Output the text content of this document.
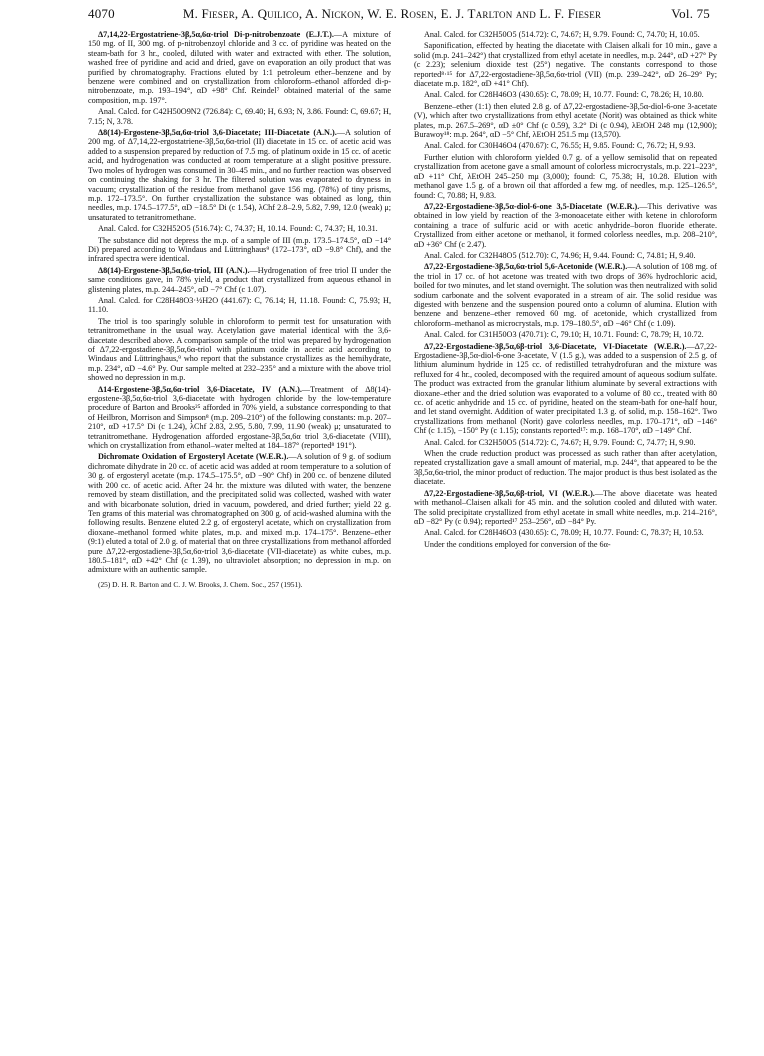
4070	M. Fieser, A. Quilico, A. Nickon, W. E. Rosen, E. J. Tarlton and L. F. Fieser	Vol. 75

Δ7,14,22-Ergostatriene-3β,5α,6α-triol Di-p-nitrobenzoate (E.J.T.).—A mixture of 150 mg. of II, 300 mg. of p-nitrobenzoyl chloride and 3 cc. of pyridine was heated on the steam-bath for 3 hr., cooled, diluted with water and extracted with ether. The solution, washed free of pyridine and acid and dried, gave on evaporation an oily product that was purified by chromatography. Fractions eluted by 1:1 petroleum ether–benzene and by benzene were combined and on crystallization from chloroform–ethanol afforded di-p-nitrobenzoate, m.p. 193–194°, αD +98° Chf. Reindel⁷ obtained material of the same composition, m.p. 197°.

Anal. Calcd. for C42H50O9N2 (726.84): C, 69.40; H, 6.93; N, 3.86. Found: C, 69.67; H, 7.15; N, 3.78.

Δ8(14)-Ergostene-3β,5α,6α-triol 3,6-Diacetate; III-Diacetate (A.N.).—A solution of 200 mg. of Δ7,14,22-ergostatriene-3β,5α,6α-triol (II) diacetate in 15 cc. of acetic acid was added to a suspension prepared by reduction of 7.5 mg. of platinum oxide in 15 cc. of acetic acid, and hydrogenation was conducted at room temperature at a slight positive pressure. Two moles of hydrogen was consumed in 30–45 min., and no further reaction was observed on continuing the shaking for 3 hr. The filtered solution was evaporated to dryness in vacuum; crystallization of the residue from methanol gave 156 mg. (78%) of tiny prisms, m.p. 172–173.5°. On further crystallization the substance was obtained as long, thin needles, m.p. 174.5–177.5°, αD −18.5° Di (c 1.54), λChf 2.8–2.9, 5.82, 7.99, 12.0 (weak) μ; unsaturated to tetranitromethane.

Anal. Calcd. for C32H52O5 (516.74): C, 74.37; H, 10.14. Found: C, 74.37; H, 10.31.

The substance did not depress the m.p. of a sample of III (m.p. 173.5–174.5°, αD −14° Di) prepared according to Windaus and Lüttringhaus⁹ (172–173°, αD −9.8° Chf), and the infrared spectra were identical.

Δ8(14)-Ergostene-3β,5α,6α-triol, III (A.N.).—Hydrogenation of free triol II under the same conditions gave, in 78% yield, a product that crystallized from aqueous ethanol in glistening plates, m.p. 244–245°, αD −7° Chf (c 1.07).

Anal. Calcd. for C28H48O3·½H2O (441.67): C, 76.14; H, 11.18. Found: C, 75.93; H, 11.10.

The triol is too sparingly soluble in chloroform to permit test for unsaturation with tetranitromethane in the usual way. Acetylation gave material identical with the 3,6-diacetate described above. A comparison sample of the triol was prepared by hydrogenation of Δ7,22-ergostadiene-3β,5α,6α-triol with platinum oxide in acetic acid according to Windaus and Lüttringhaus,⁹ who report that the substance crystallizes as the hemihydrate, m.p. 234°, αD −4.6° Py. Our sample melted at 232–235° and a mixture with the above triol showed no depression in m.p.

Δ14-Ergostene-3β,5α,6α-triol 3,6-Diacetate, IV (A.N.).—Treatment of Δ8(14)-ergostene-3β,5α,6α-triol 3,6-diacetate with hydrogen chloride by the low-temperature procedure of Barton and Brooks²⁵ afforded in 70% yield, a substance corresponding to that of Heilbron, Morrison and Simpson⁸ (m.p. 209–210°) of the following constants: m.p. 207–210°, αD +17.5° Di (c 1.24), λChf 2.83, 2.95, 5.80, 7.99, 11.90 (weak) μ; unsaturated to tetranitromethane. Hydrogenation afforded ergostane-3β,5α,6α triol 3,6-diacetate (VIII), which on crystallization from ethanol–water melted at 184–187° (reported⁸ 191°).

Dichromate Oxidation of Ergosteryl Acetate (W.E.R.).—A solution of 9 g. of sodium dichromate dihydrate in 20 cc. of acetic acid was added at room temperature to a solution of 30 g. of ergosteryl acetate (m.p. 174.5–175.5°, αD −90° Chf) in 200 cc. of benzene diluted with 200 cc. of acetic acid. After 24 hr. the mixture was diluted with water, the benzene removed by steam distillation, and the precipitated solid was collected, washed with water and with bicarbonate solution, dried in vacuum, powdered, and dried further; yield 22 g. Ten grams of this material was chromatographed on 300 g. of acid-washed alumina with the following results. Benzene eluted 2.2 g. of ergosteryl acetate, which on crystallization from dioxane–methanol formed white plates, m.p. and mixed m.p. 174–175°. Benzene–ether (9:1) eluted a total of 2.0 g. of material that on three crystallizations from methanol afforded pure Δ7,22-ergostadiene-3β,5α,6α-triol 3,6-diacetate (VII-diacetate) as white cubes, m.p. 180.5–181°, αD +42° Chf (c 1.39), no ultraviolet absorption; no depression in m.p. on admixture with an authentic sample.

(25) D. H. R. Barton and C. J. W. Brooks, J. Chem. Soc., 257 (1951).

Anal. Calcd. for C32H50O5 (514.72): C, 74.67; H, 9.79. Found: C, 74.70; H, 10.05.

Saponification, effected by heating the diacetate with Claisen alkali for 10 min., gave a solid (m.p. 241–242°) that crystallized from ethyl acetate in needles, m.p. 244°, αD +27° Py (c 2.23); selenium dioxide test (25°) negative. The constants correspond to those reported⁸·¹⁵ for Δ7,22-ergostadiene-3β,5α,6α-triol (VII) (m.p. 239–242°, αD 26–29° Py; diacetate m.p. 182°, αD +41° Chf).

Anal. Calcd. for C28H46O3 (430.65): C, 78.09; H, 10.77. Found: C, 78.26; H, 10.80.

Benzene–ether (1:1) then eluted 2.8 g. of Δ7,22-ergostadiene-3β,5α-diol-6-one 3-acetate (V), which after two crystallizations from ethyl acetate (Norit) was obtained as thick white plates, m.p. 267.5–269°, αD ±0° Chf (c 0.59), 3.2° Di (c 0.94), λEtOH 248 mμ (12,900); Burawoy¹⁸: m.p. 264°, αD −5° Chf, λEtOH 251.5 mμ (13,570).

Anal. Calcd. for C30H46O4 (470.67): C, 76.55; H, 9.85. Found: C, 76.72; H, 9.93.

Further elution with chloroform yielded 0.7 g. of a yellow semisolid that on repeated crystallization from acetone gave a small amount of colorless microcrystals, m.p. 221–223°, αD +11° Chf, λEtOH 245–250 mμ (3,000); found: C, 75.38; H, 10.28. Elution with methanol gave 1.5 g. of a brown oil that afforded a few mg. of needles, m.p. 125–126.5°, found: C, 70.88; H, 9.83.

Δ7,22-Ergostadiene-3β,5α-diol-6-one 3,5-Diacetate (W.E.R.).—This derivative was obtained in low yield by reaction of the 3-monoacetate either with ketene in chloroform containing a trace of sulfuric acid or with acetic anhydride–boron fluoride etherate. Crystallized from either acetone or methanol, it formed colorless needles, m.p. 208–210°, αD +36° Chf (c 2.47).

Anal. Calcd. for C32H48O5 (512.70): C, 74.96; H, 9.44. Found: C, 74.81; H, 9.40.

Δ7,22-Ergostadiene-3β,5α,6α-triol 5,6-Acetonide (W.E.R.).—A solution of 108 mg. of the triol in 17 cc. of hot acetone was treated with two drops of 36% hydrochloric acid, boiled for two minutes, and let stand overnight. The solution was then neutralized with solid sodium carbonate and the solvent evaporated in a stream of air. The solid residue was digested with benzene and the suspension poured onto a column of alumina. Elution with benzene and benzene–ether removed 60 mg. of acetonide, which crystallized from chloroform–methanol as microcrystals, m.p. 179–180.5°, αD −46° Chf (c 1.09).

Anal. Calcd. for C31H50O3 (470.71): C, 79.10; H, 10.71. Found: C, 78.79; H, 10.72.

Δ7,22-Ergostadiene-3β,5α,6β-triol 3,6-Diacetate, VI-Diacetate (W.E.R.).—Δ7,22-Ergostadiene-3β,5α-diol-6-one 3-acetate, V (1.5 g.), was added to a suspension of 2.5 g. of lithium aluminum hydride in 125 cc. of redistilled tetrahydrofuran and the mixture was refluxed for 4 hr., cooled, decomposed with the required amount of aqueous sodium sulfate. The product was extracted from the granular lithium aluminate by several extractions with dioxane–ether and the dried solution was evaporated to a volume of 80 cc., treated with 80 cc. of acetic anhydride and 15 cc. of pyridine, heated on the steam-bath for one-half hour, and let stand overnight. Addition of water precipitated 1.3 g. of solid, m.p. 158–162°. Two crystallizations from methanol (Norit) gave colorless needles, m.p. 170–171°, αD −146° Chf (c 1.15), −150° Py (c 1.15); constants reported¹⁷: m.p. 168–170°, αD −149° Chf.

Anal. Calcd. for C32H50O5 (514.72): C, 74.67; H, 9.79. Found: C, 74.77; H, 9.90.

When the crude reduction product was processed as such rather than after acetylation, repeated crystallization gave a small amount of material, m.p. 244°, that appeared to be the 3β,5α,6α-triol, the minor product of reduction. The major product is thus best isolated as the diacetate.

Δ7,22-Ergostadiene-3β,5α,6β-triol, VI (W.E.R.).—The above diacetate was heated with methanol–Claisen alkali for 45 min. and the solution cooled and diluted with water. The solid precipitate crystallized from ethyl acetate in small white needles, m.p. 214–216°, αD −82° Py (c 0.94); reported¹⁷ 253–256°, αD −84° Py.

Anal. Calcd. for C28H46O3 (430.65): C, 78.09; H, 10.77. Found: C, 78.37; H, 10.53.

Under the conditions employed for conversion of the 6α-
